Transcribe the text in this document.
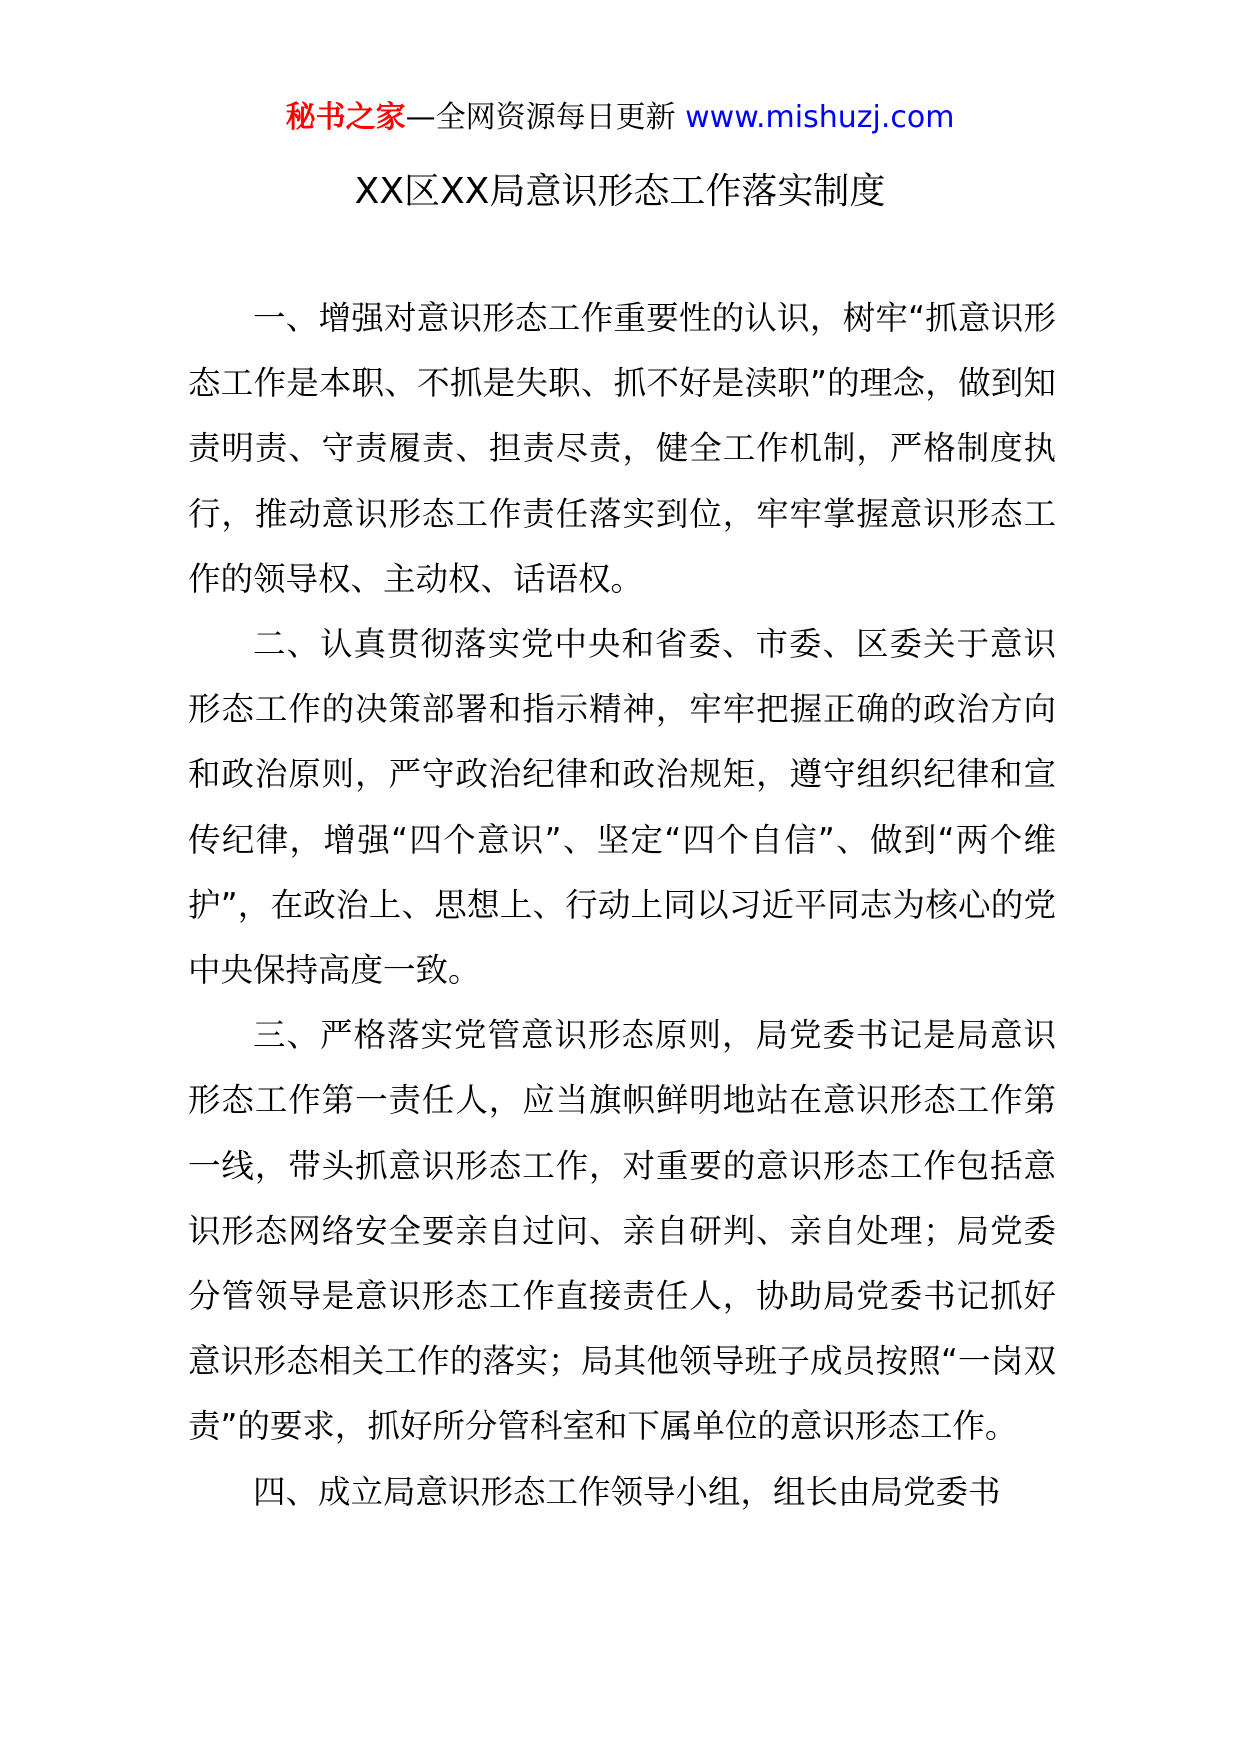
秘书之家—全网资源每日更新 www.mishuzj.com
XX区XX局意识形态工作落实制度

一、增强对意识形态工作重要性的认识，树牢“抓意识形态工作是本职、不抓是失职、抓不好是渎职”的理念，做到知责明责、守责履责、担责尽责，健全工作机制，严格制度执行，推动意识形态工作责任落实到位，牢牢掌握意识形态工作的领导权、主动权、话语权。

二、认真贯彻落实党中央和省委、市委、区委关于意识形态工作的决策部署和指示精神，牢牢把握正确的政治方向和政治原则，严守政治纪律和政治规矩，遵守组织纪律和宣传纪律，增强“四个意识”、坚定“四个自信”、做到“两个维护”，在政治上、思想上、行动上同以习近平同志为核心的党中央保持高度一致。

三、严格落实党管意识形态原则，局党委书记是局意识形态工作第一责任人，应当旗帜鲜明地站在意识形态工作第一线，带头抓意识形态工作，对重要的意识形态工作包括意识形态网络安全要亲自过问、亲自研判、亲自处理；局党委分管领导是意识形态工作直接责任人，协助局党委书记抓好意识形态相关工作的落实；局其他领导班子成员按照“一岗双责”的要求，抓好所分管科室和下属单位的意识形态工作。

四、成立局意识形态工作领导小组，组长由局党委书
